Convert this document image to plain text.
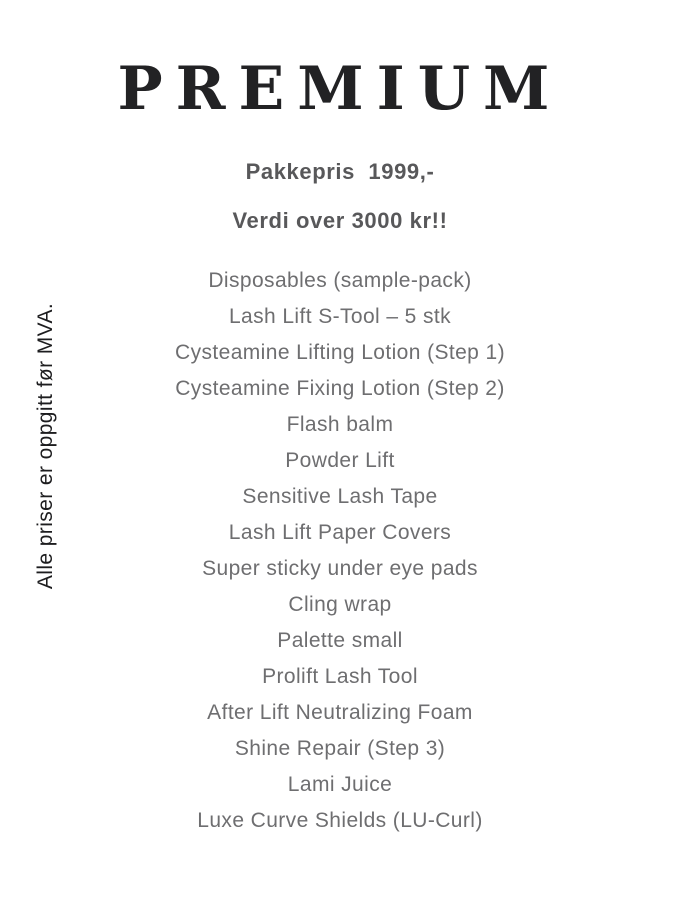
Alle priser er oppgitt før MVA.
PREMIUM

Pakkepris  1999,-

Verdi over 3000 kr!!

Disposables (sample-pack)
Lash Lift S-Tool – 5 stk
Cysteamine Lifting Lotion (Step 1)
Cysteamine Fixing Lotion (Step 2)
Flash balm
Powder Lift
Sensitive Lash Tape
Lash Lift Paper Covers
Super sticky under eye pads
Cling wrap
Palette small
Prolift Lash Tool
After Lift Neutralizing Foam
Shine Repair (Step 3)
Lami Juice
Luxe Curve Shields (LU-Curl)
